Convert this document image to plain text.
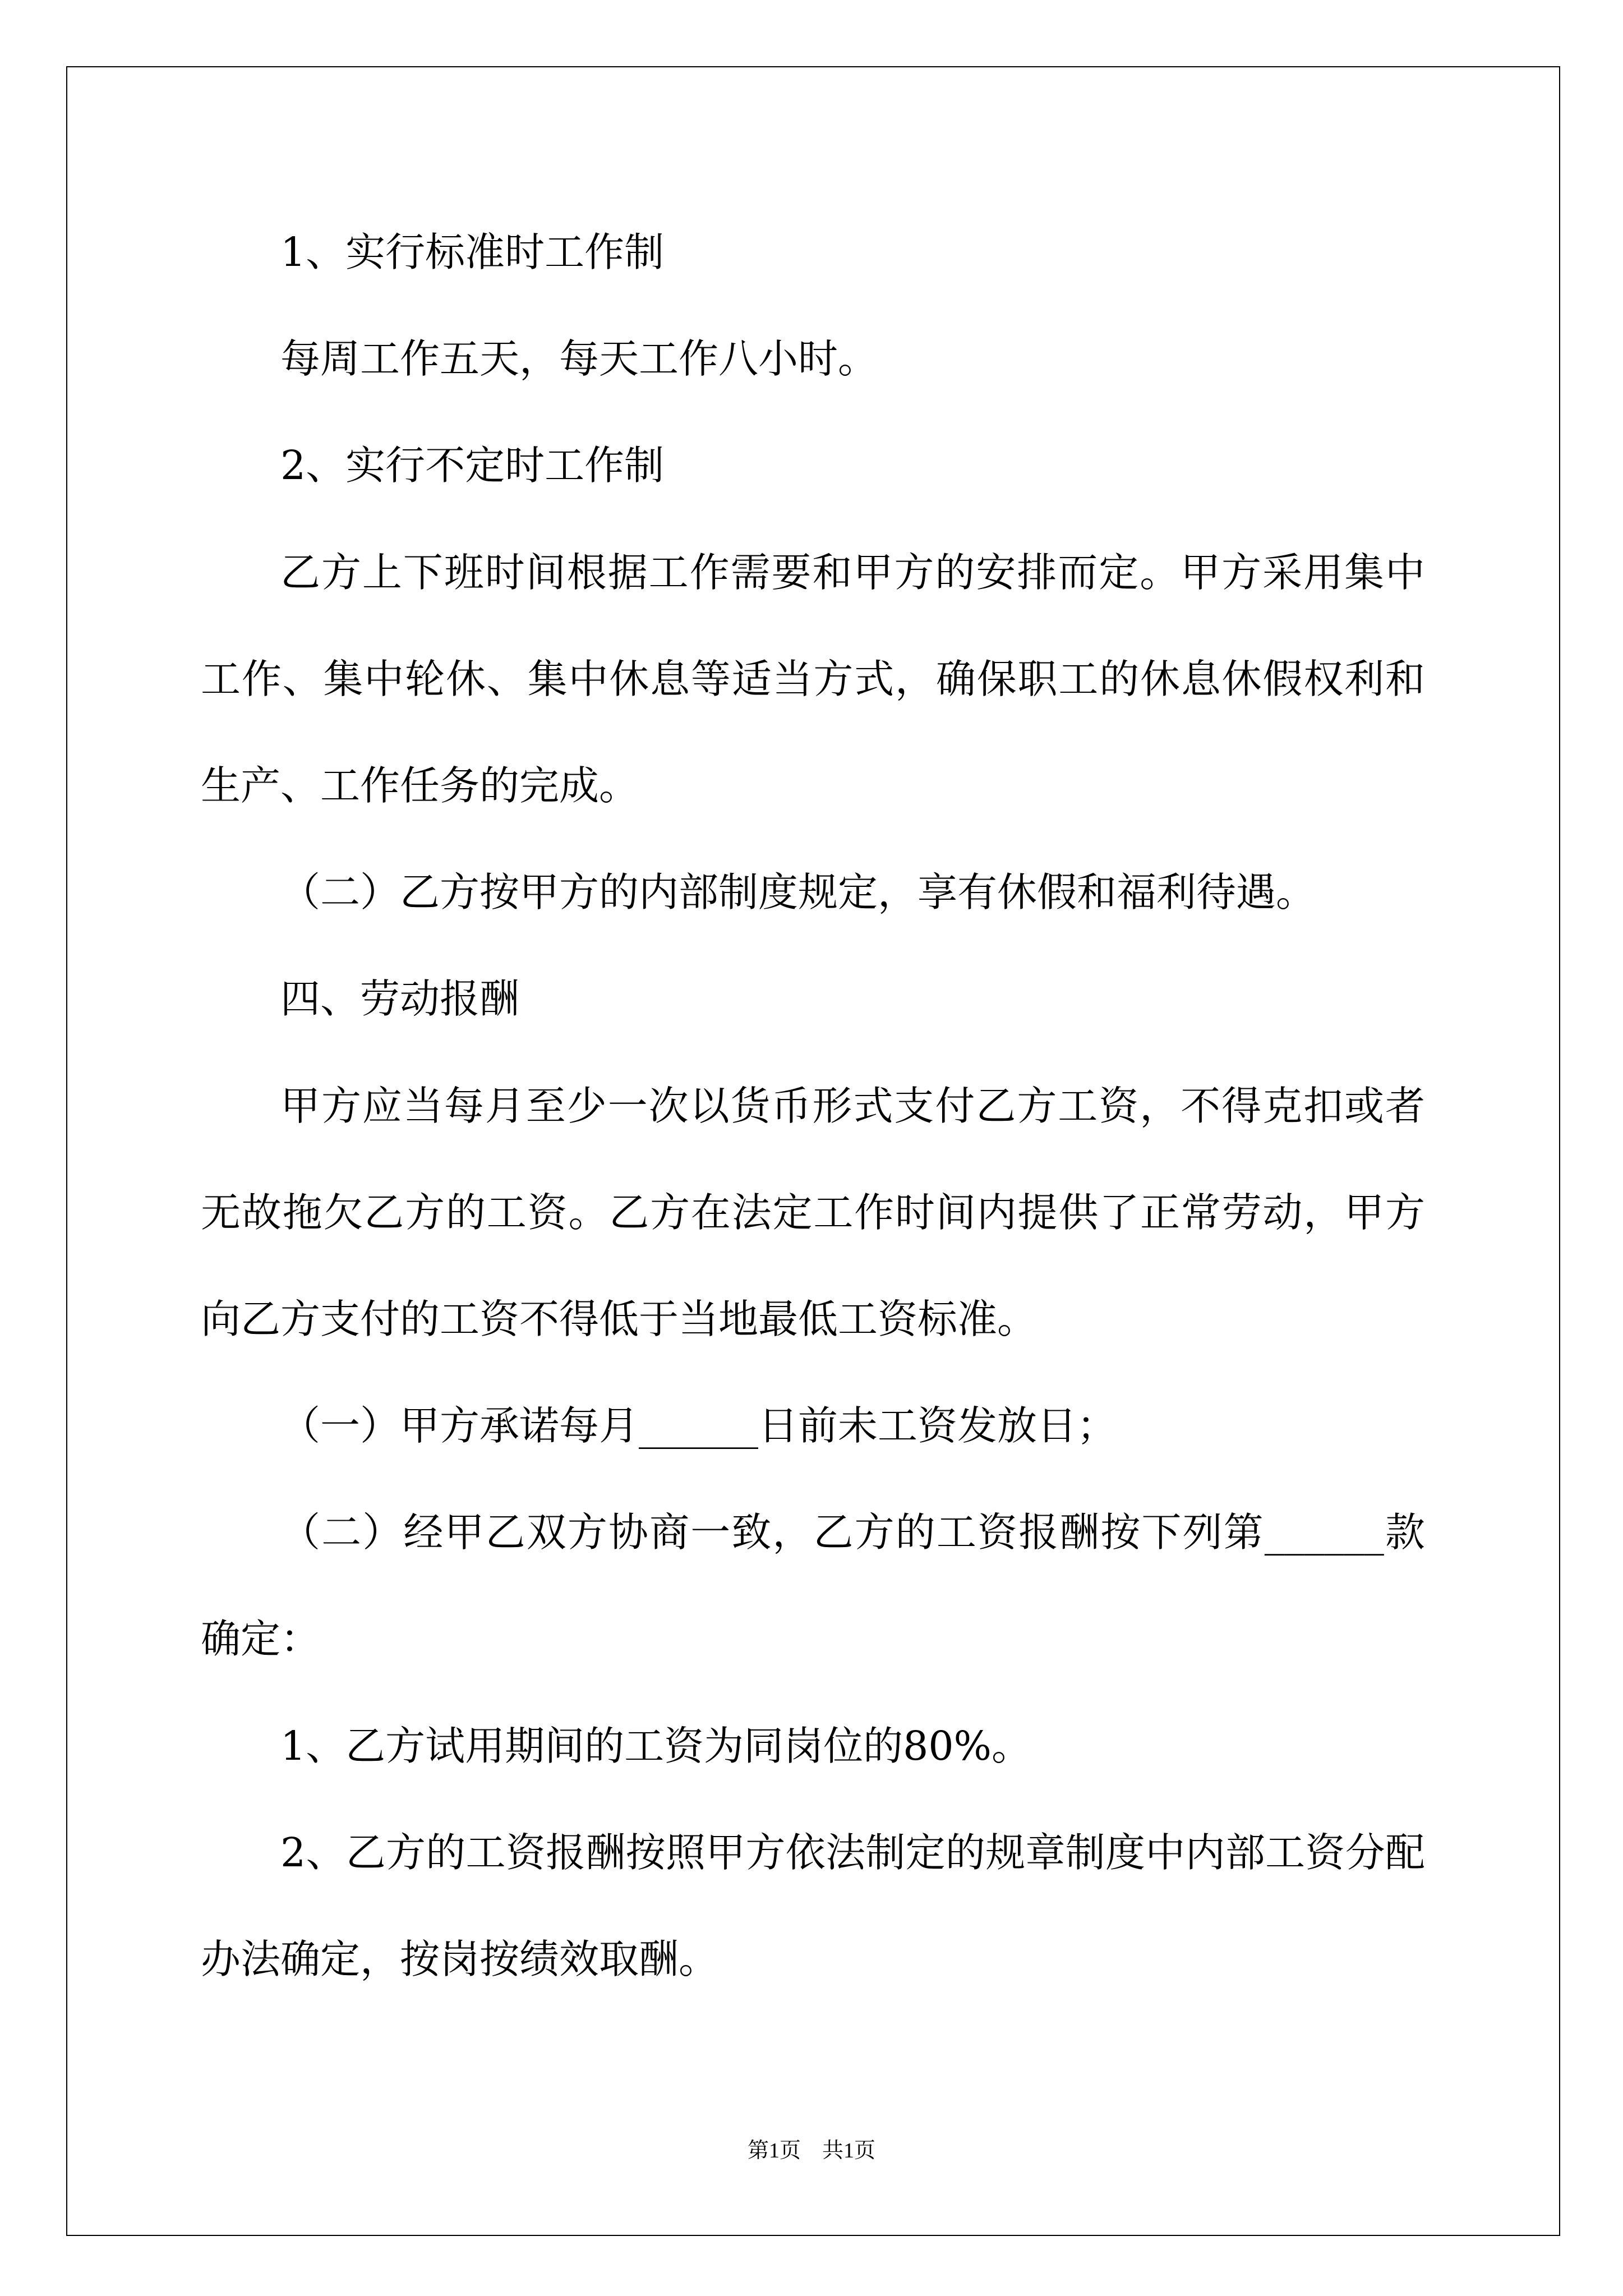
1、实行标准时工作制
每周工作五天，每天工作八小时。
2、实行不定时工作制
乙方上下班时间根据工作需要和甲方的安排而定。甲方采用集中
工作、集中轮休、集中休息等适当方式，确保职工的休息休假权利和
生产、工作任务的完成。
（二）乙方按甲方的内部制度规定，享有休假和福利待遇。
四、劳动报酬
甲方应当每月至少一次以货币形式支付乙方工资，不得克扣或者
无故拖欠乙方的工资。乙方在法定工作时间内提供了正常劳动，甲方
向乙方支付的工资不得低于当地最低工资标准。
（一）甲方承诺每月______日前未工资发放日；
（二）经甲乙双方协商一致，乙方的工资报酬按下列第______款
确定：
1、乙方试用期间的工资为同岗位的80%。
2、乙方的工资报酬按照甲方依法制定的规章制度中内部工资分配
办法确定，按岗按绩效取酬。
第1页　共1页
